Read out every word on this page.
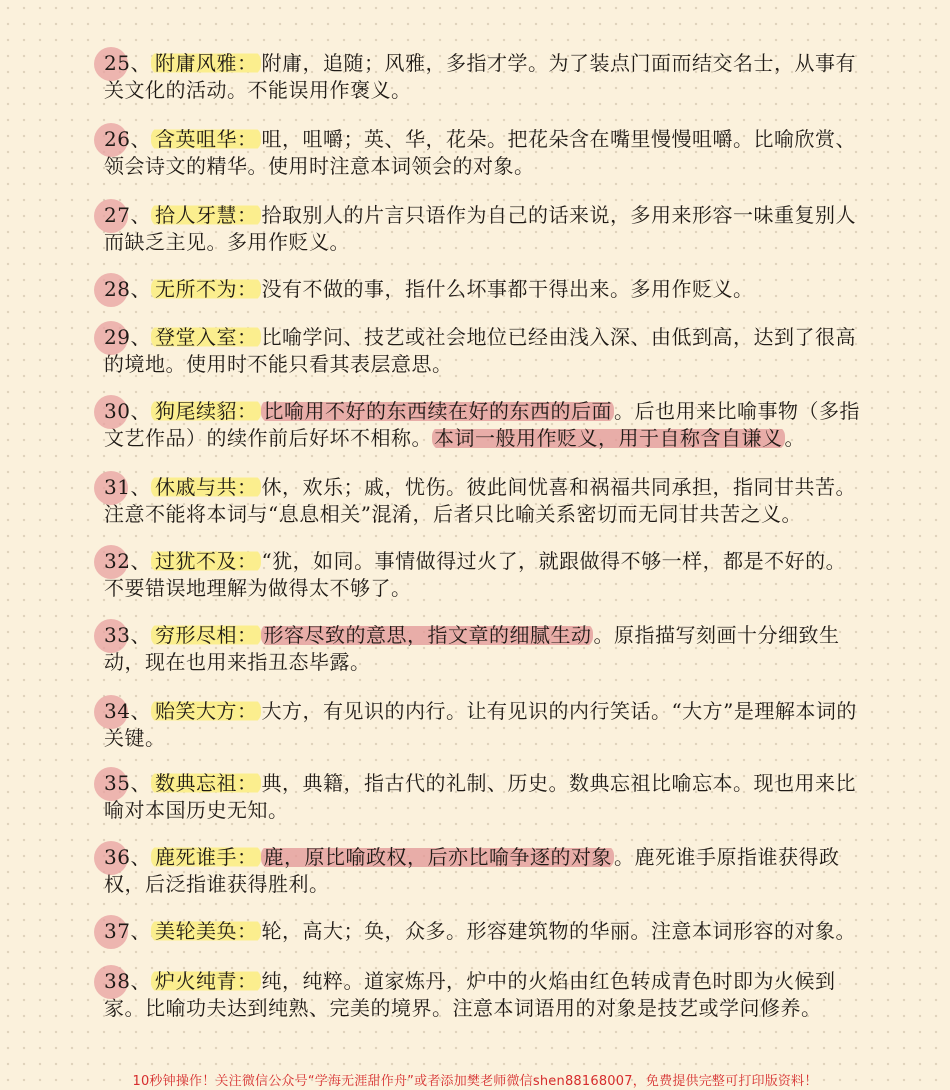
25、 附庸风雅： 附庸，追随；风雅，多指才学。为了装点门面而结交名士，从事有关文化的活动。不能误用作褒义。

26、 含英咀华： 咀，咀嚼；英、华，花朵。把花朵含在嘴里慢慢咀嚼。比喻欣赏、领会诗文的精华。使用时注意本词领会的对象。

27、 拾人牙慧： 拾取别人的片言只语作为自己的话来说，多用来形容一味重复别人而缺乏主见。多用作贬义。

28、 无所不为： 没有不做的事，指什么坏事都干得出来。多用作贬义。

29、 登堂入室： 比喻学问、技艺或社会地位已经由浅入深、由低到高，达到了很高的境地。使用时不能只看其表层意思。

30、 狗尾续貂： 比喻用不好的东西续在好的东西的后面 。后也用来比喻事物（多指文艺作品）的续作前后好坏不相称。 本词一般用作贬义，用于自称含自谦义 。

31、 休戚与共： 休，欢乐；戚，忧伤。彼此间忧喜和祸福共同承担，指同甘共苦。注意不能将本词与“息息相关”混淆，后者只比喻关系密切而无同甘共苦之义。

32、 过犹不及： “犹，如同。事情做得过火了，就跟做得不够一样，都是不好的。不要错误地理解为做得太不够了。

33、 穷形尽相： 形容尽致的意思，指文章的细腻生动 。原指描写刻画十分细致生动，现在也用来指丑态毕露。

34、 贻笑大方： 大方，有见识的内行。让有见识的内行笑话。“大方”是理解本词的关键。

35、 数典忘祖： 典，典籍，指古代的礼制、历史。数典忘祖比喻忘本。现也用来比喻对本国历史无知。

36、 鹿死谁手： 鹿，原比喻政权，后亦比喻争逐的对象 。鹿死谁手原指谁获得政权，后泛指谁获得胜利。

37、 美轮美奂： 轮，高大；奂，众多。形容建筑物的华丽。注意本词形容的对象。

38、 炉火纯青： 纯，纯粹。道家炼丹，炉中的火焰由红色转成青色时即为火候到家。比喻功夫达到纯熟、完美的境界。注意本词语用的对象是技艺或学问修养。

10秒钟操作！关注微信公众号“学海无涯甜作舟”或者添加樊老师微信shen88168007，免费提供完整可打印版资料！
